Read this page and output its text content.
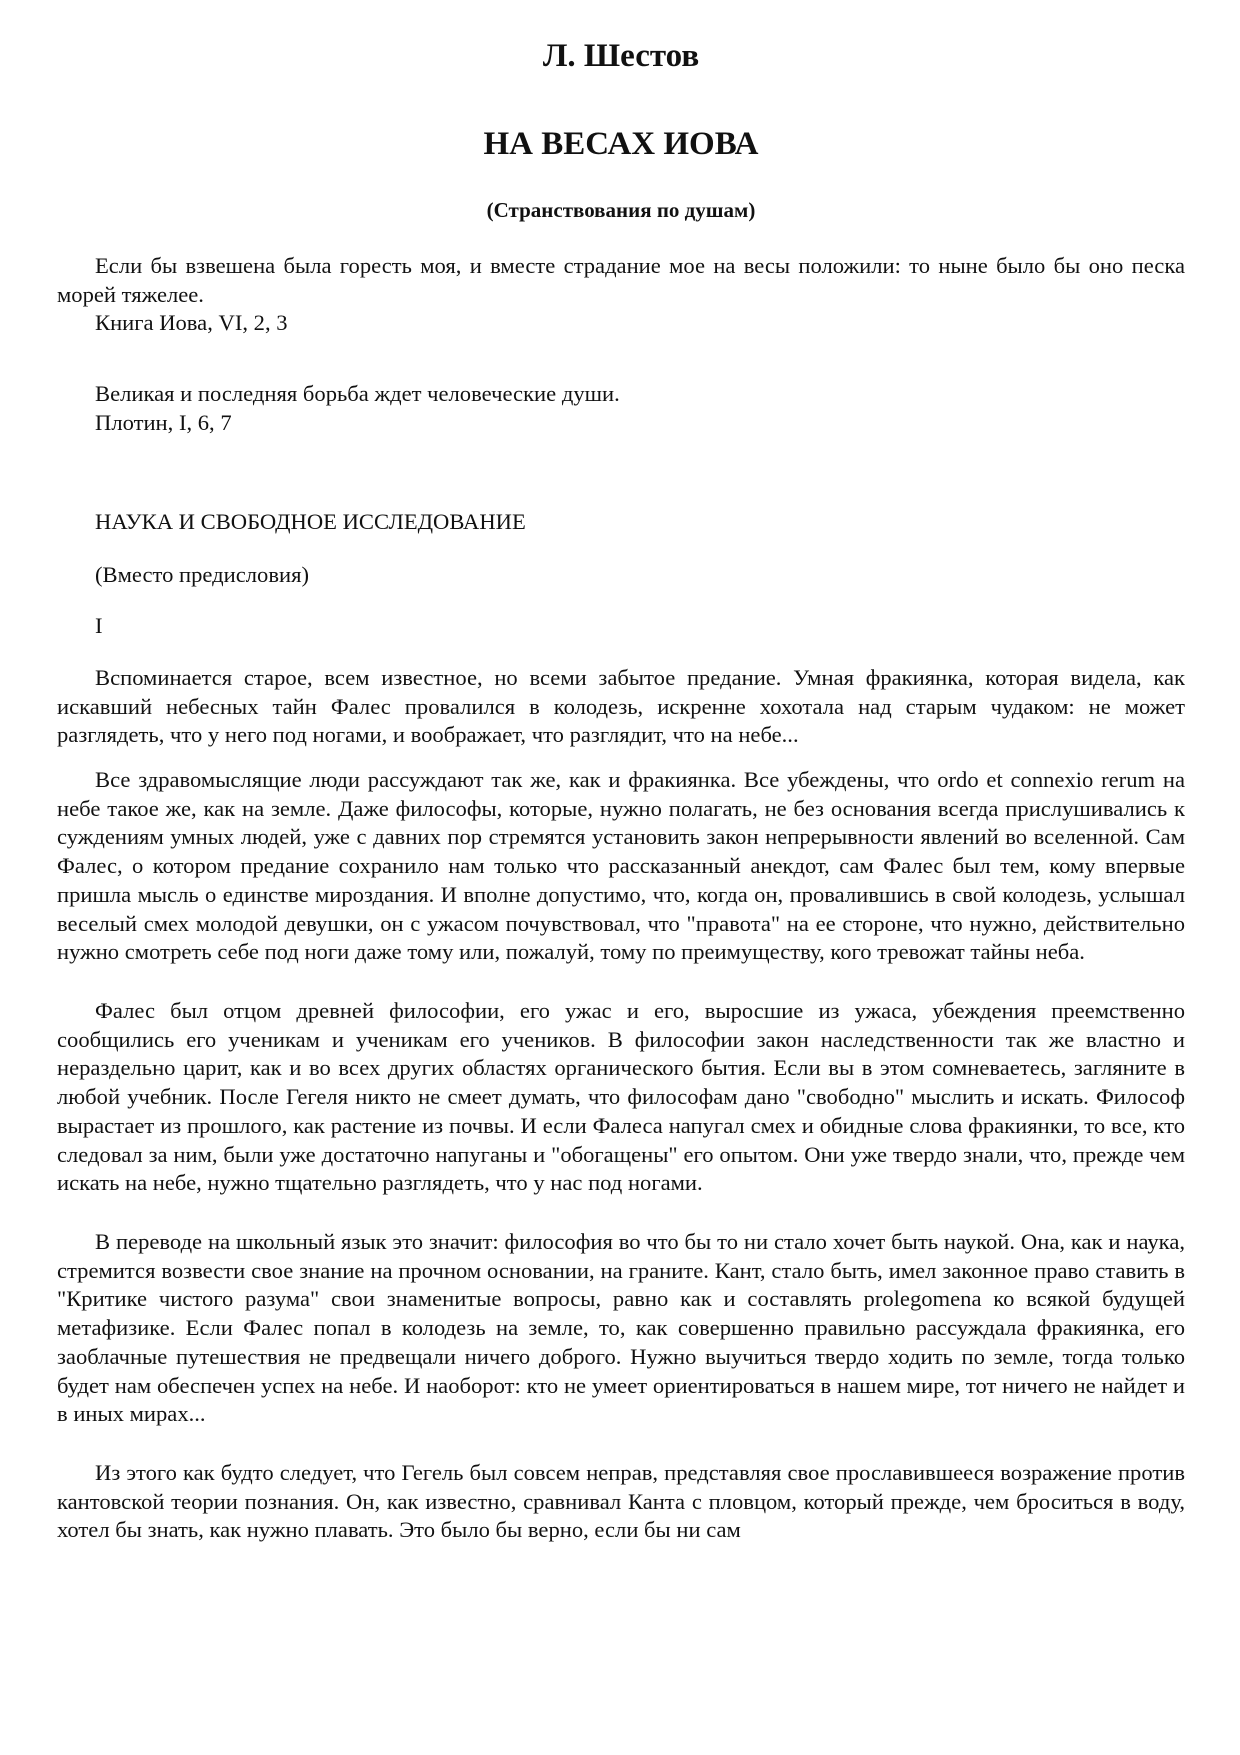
Л. Шестов
НА ВЕСАХ ИОВА
(Странствования по душам)
Если бы взвешена была горесть моя, и вместе страдание мое на весы положили: то ныне было бы оно песка морей тяжелее.
Книга Иова, VI, 2, 3
Великая и последняя борьба ждет человеческие души.
Плотин, I, 6, 7
НАУКА И СВОБОДНОЕ ИССЛЕДОВАНИЕ
(Вместо предисловия)
I
Вспоминается старое, всем известное, но всеми забытое предание. Умная фракиянка, которая видела, как искавший небесных тайн Фалес провалился в колодезь, искренне хохотала над старым чудаком: не может разглядеть, что у него под ногами, и воображает, что разглядит, что на небе...
Все здравомыслящие люди рассуждают так же, как и фракиянка. Все убеждены, что ordo et connexio rerum на небе такое же, как на земле. Даже философы, которые, нужно полагать, не без основания всегда прислушивались к суждениям умных людей, уже с давних пор стремятся установить закон непрерывности явлений во вселенной. Сам Фалес, о котором предание сохранило нам только что рассказанный анекдот, сам Фалес был тем, кому впервые пришла мысль о единстве мироздания. И вполне допустимо, что, когда он, провалившись в свой колодезь, услышал веселый смех молодой девушки, он с ужасом почувствовал, что "правота" на ее стороне, что нужно, действительно нужно смотреть себе под ноги даже тому или, пожалуй, тому по преимуществу, кого тревожат тайны неба.
Фалес был отцом древней философии, его ужас и его, выросшие из ужаса, убеждения преемственно сообщились его ученикам и ученикам его учеников. В философии закон наследственности так же властно и нераздельно царит, как и во всех других областях органического бытия. Если вы в этом сомневаетесь, загляните в любой учебник. После Гегеля никто не смеет думать, что философам дано "свободно" мыслить и искать. Философ вырастает из прошлого, как растение из почвы. И если Фалеса напугал смех и обидные слова фракиянки, то все, кто следовал за ним, были уже достаточно напуганы и "обогащены" его опытом. Они уже твердо знали, что, прежде чем искать на небе, нужно тщательно разглядеть, что у нас под ногами.
В переводе на школьный язык это значит: философия во что бы то ни стало хочет быть наукой. Она, как и наука, стремится возвести свое знание на прочном основании, на граните. Кант, стало быть, имел законное право ставить в "Критике чистого разума" свои знаменитые вопросы, равно как и составлять prolegomena ко всякой будущей метафизике. Если Фалес попал в колодезь на земле, то, как совершенно правильно рассуждала фракиянка, его заоблачные путешествия не предвещали ничего доброго. Нужно выучиться твердо ходить по земле, тогда только будет нам обеспечен успех на небе. И наоборот: кто не умеет ориентироваться в нашем мире, тот ничего не найдет и в иных мирах...
Из этого как будто следует, что Гегель был совсем неправ, представляя свое прославившееся возражение против кантовской теории познания. Он, как известно, сравнивал Канта с пловцом, который прежде, чем броситься в воду, хотел бы знать, как нужно плавать. Это было бы верно, если бы ни сам
